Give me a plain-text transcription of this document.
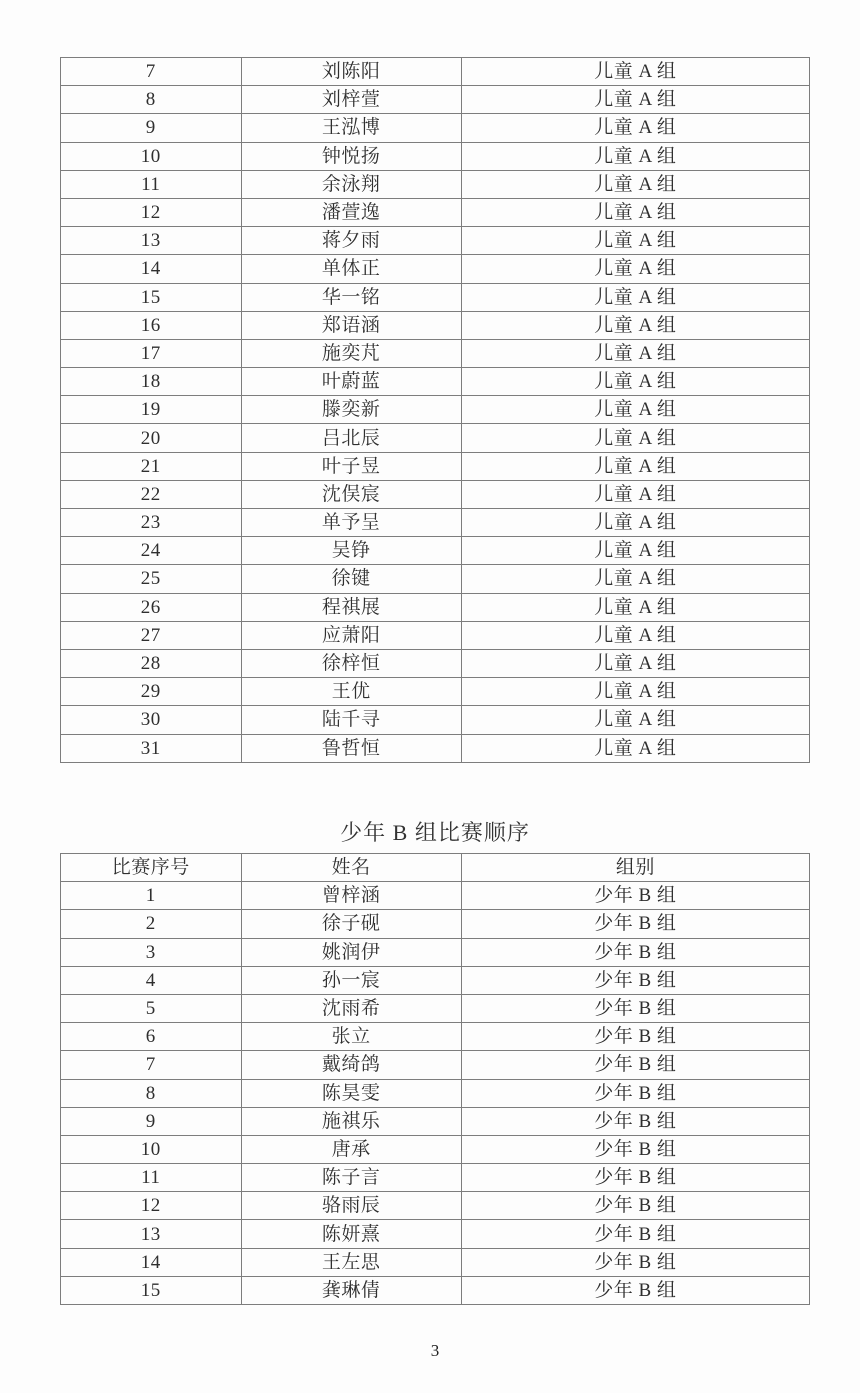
7	刘陈阳	儿童 A 组
8	刘梓萱	儿童 A 组
9	王泓博	儿童 A 组
10	钟悦扬	儿童 A 组
11	余泳翔	儿童 A 组
12	潘萱逸	儿童 A 组
13	蒋夕雨	儿童 A 组
14	单体正	儿童 A 组
15	华一铭	儿童 A 组
16	郑语涵	儿童 A 组
17	施奕芃	儿童 A 组
18	叶蔚蓝	儿童 A 组
19	滕奕新	儿童 A 组
20	吕北辰	儿童 A 组
21	叶子昱	儿童 A 组
22	沈俣宸	儿童 A 组
23	单予呈	儿童 A 组
24	吴铮	儿童 A 组
25	徐键	儿童 A 组
26	程祺展	儿童 A 组
27	应萧阳	儿童 A 组
28	徐梓恒	儿童 A 组
29	王优	儿童 A 组
30	陆千寻	儿童 A 组
31	鲁哲恒	儿童 A 组
少年 B 组比赛顺序
比赛序号	姓名	组别
1	曾梓涵	少年 B 组
2	徐子砚	少年 B 组
3	姚润伊	少年 B 组
4	孙一宸	少年 B 组
5	沈雨希	少年 B 组
6	张立	少年 B 组
7	戴绮鸽	少年 B 组
8	陈昊雯	少年 B 组
9	施祺乐	少年 B 组
10	唐承	少年 B 组
11	陈子言	少年 B 组
12	骆雨辰	少年 B 组
13	陈妍熹	少年 B 组
14	王左思	少年 B 组
15	龚琳倩	少年 B 组
3
